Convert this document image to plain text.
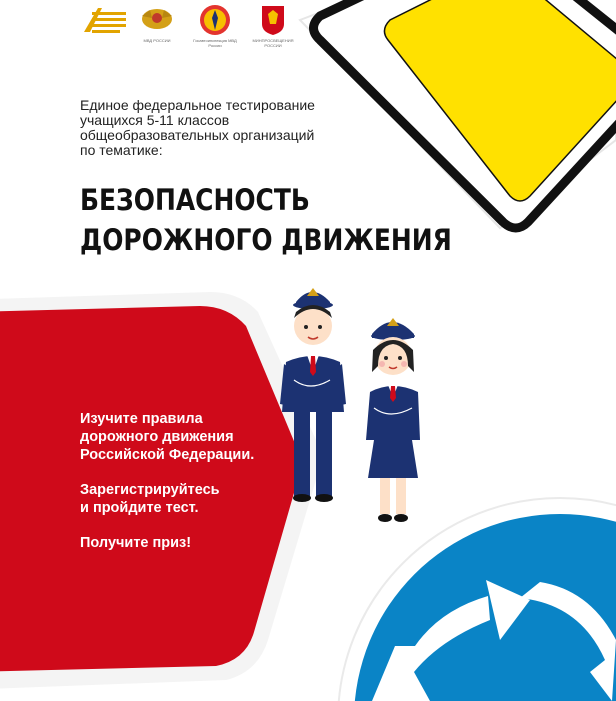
МВД РОССИИ	Госавтоинспекция МВД России
МИНПРОСВЕЩЕНИЯ РОССИИ
Единое федеральное тестирование
учащихся 5-11 классов
общеобразовательных организаций
по тематике:
БЕЗОПАСНОСТЬ
ДОРОЖНОГО ДВИЖЕНИЯ
Изучите правила
дорожного движения
Российской Федерации.
Зарегистрируйтесь
и пройдите тест.
Получите приз!
